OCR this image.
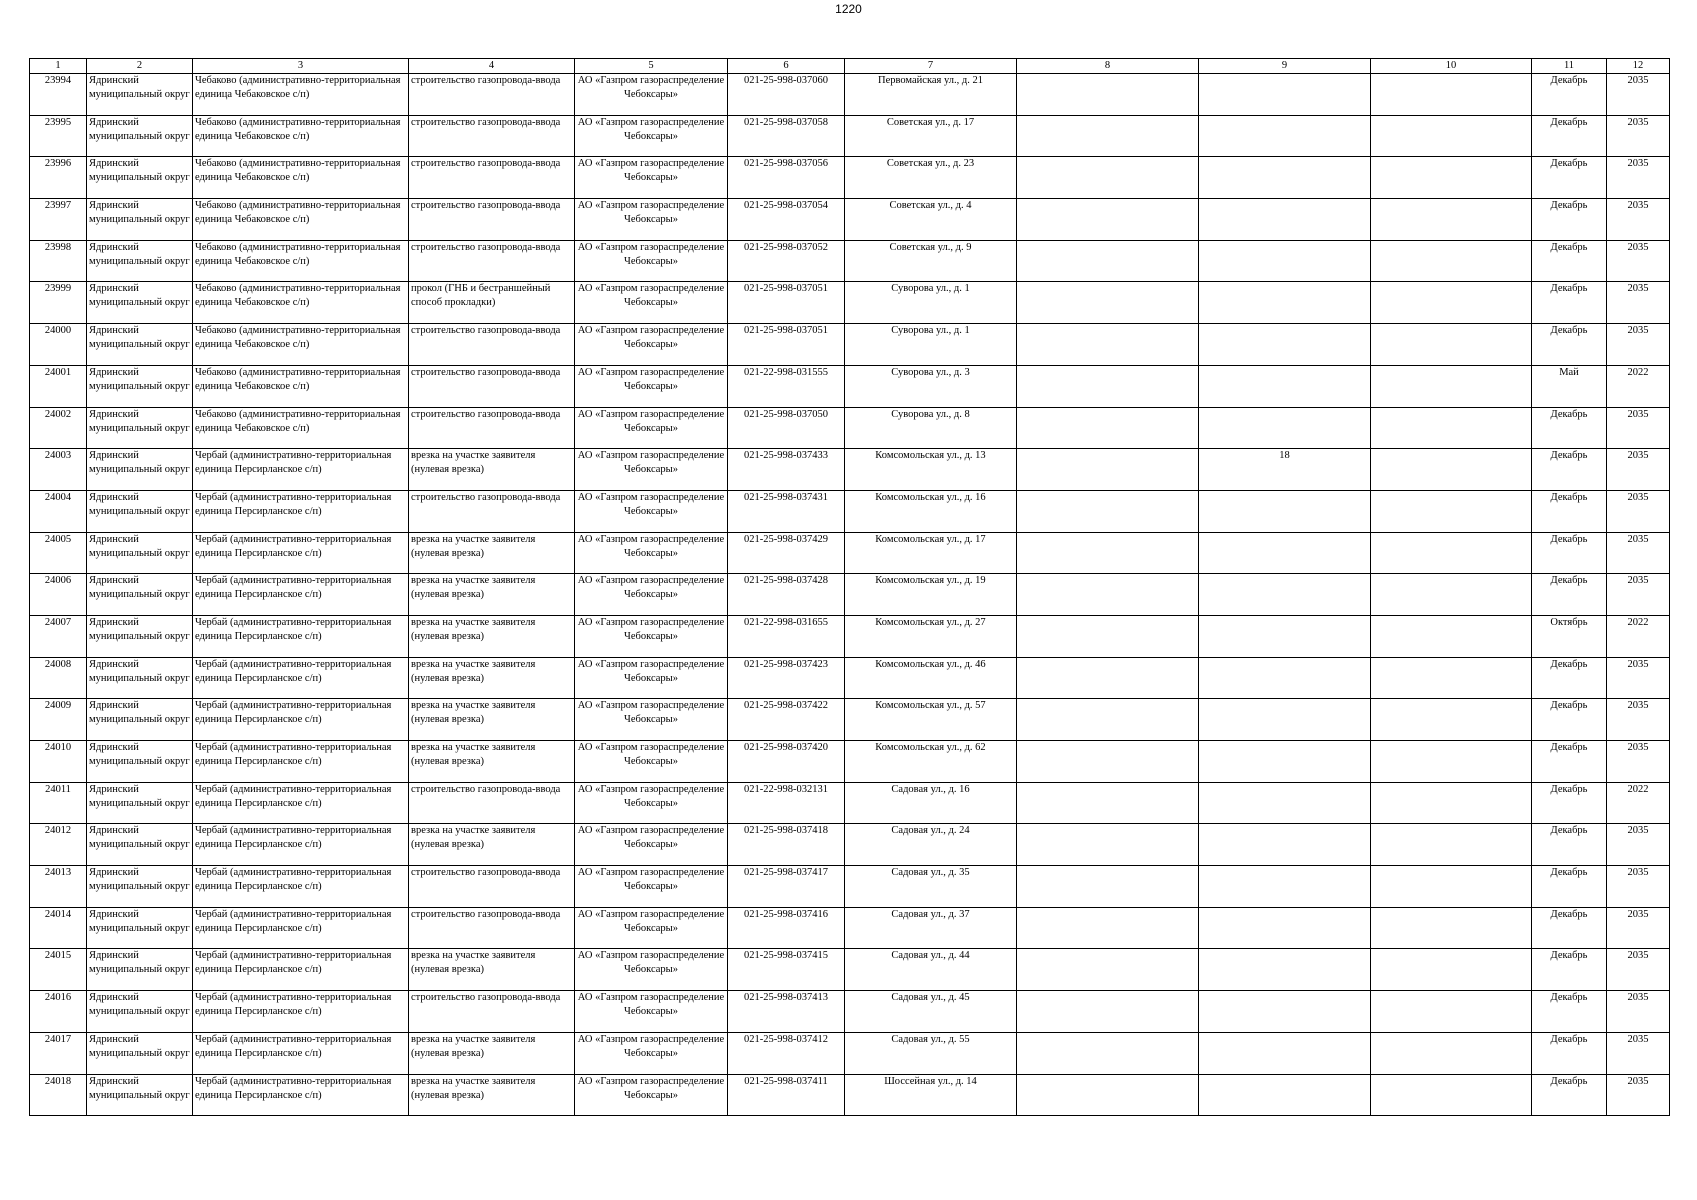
1220
1	2	3	4	5	6	7	8	9	10	11	12

23994	Ядринский муниципальный округ	Чебаково (административно-территориальная единица Чебаковское с/п)	строительство газопровода-ввода	АО «Газпром газораспределение Чебоксары»	021-25-998-037060	Первомайская ул., д. 21				Декабрь	2035

23995	Ядринский муниципальный округ	Чебаково (административно-территориальная единица Чебаковское с/п)	строительство газопровода-ввода	АО «Газпром газораспределение Чебоксары»	021-25-998-037058	Советская ул., д. 17				Декабрь	2035

23996	Ядринский муниципальный округ	Чебаково (административно-территориальная единица Чебаковское с/п)	строительство газопровода-ввода	АО «Газпром газораспределение Чебоксары»	021-25-998-037056	Советская ул., д. 23				Декабрь	2035

23997	Ядринский муниципальный округ	Чебаково (административно-территориальная единица Чебаковское с/п)	строительство газопровода-ввода	АО «Газпром газораспределение Чебоксары»	021-25-998-037054	Советская ул., д. 4				Декабрь	2035

23998	Ядринский муниципальный округ	Чебаково (административно-территориальная единица Чебаковское с/п)	строительство газопровода-ввода	АО «Газпром газораспределение Чебоксары»	021-25-998-037052	Советская ул., д. 9				Декабрь	2035

23999	Ядринский муниципальный округ	Чебаково (административно-территориальная единица Чебаковское с/п)	прокол (ГНБ и бестраншейный способ прокладки)	АО «Газпром газораспределение Чебоксары»	021-25-998-037051	Суворова ул., д. 1				Декабрь	2035

24000	Ядринский муниципальный округ	Чебаково (административно-территориальная единица Чебаковское с/п)	строительство газопровода-ввода	АО «Газпром газораспределение Чебоксары»	021-25-998-037051	Суворова ул., д. 1				Декабрь	2035

24001	Ядринский муниципальный округ	Чебаково (административно-территориальная единица Чебаковское с/п)	строительство газопровода-ввода	АО «Газпром газораспределение Чебоксары»	021-22-998-031555	Суворова ул., д. 3				Май	2022

24002	Ядринский муниципальный округ	Чебаково (административно-территориальная единица Чебаковское с/п)	строительство газопровода-ввода	АО «Газпром газораспределение Чебоксары»	021-25-998-037050	Суворова ул., д. 8				Декабрь	2035

24003	Ядринский муниципальный округ	Чербай (административно-территориальная единица Персирланское с/п)	врезка на участке заявителя (нулевая врезка)	АО «Газпром газораспределение Чебоксары»	021-25-998-037433	Комсомольская ул., д. 13		18		Декабрь	2035

24004	Ядринский муниципальный округ	Чербай (административно-территориальная единица Персирланское с/п)	строительство газопровода-ввода	АО «Газпром газораспределение Чебоксары»	021-25-998-037431	Комсомольская ул., д. 16				Декабрь	2035

24005	Ядринский муниципальный округ	Чербай (административно-территориальная единица Персирланское с/п)	врезка на участке заявителя (нулевая врезка)	АО «Газпром газораспределение Чебоксары»	021-25-998-037429	Комсомольская ул., д. 17				Декабрь	2035

24006	Ядринский муниципальный округ	Чербай (административно-территориальная единица Персирланское с/п)	врезка на участке заявителя (нулевая врезка)	АО «Газпром газораспределение Чебоксары»	021-25-998-037428	Комсомольская ул., д. 19				Декабрь	2035

24007	Ядринский муниципальный округ	Чербай (административно-территориальная единица Персирланское с/п)	врезка на участке заявителя (нулевая врезка)	АО «Газпром газораспределение Чебоксары»	021-22-998-031655	Комсомольская ул., д. 27				Октябрь	2022

24008	Ядринский муниципальный округ	Чербай (административно-территориальная единица Персирланское с/п)	врезка на участке заявителя (нулевая врезка)	АО «Газпром газораспределение Чебоксары»	021-25-998-037423	Комсомольская ул., д. 46				Декабрь	2035

24009	Ядринский муниципальный округ	Чербай (административно-территориальная единица Персирланское с/п)	врезка на участке заявителя (нулевая врезка)	АО «Газпром газораспределение Чебоксары»	021-25-998-037422	Комсомольская ул., д. 57				Декабрь	2035

24010	Ядринский муниципальный округ	Чербай (административно-территориальная единица Персирланское с/п)	врезка на участке заявителя (нулевая врезка)	АО «Газпром газораспределение Чебоксары»	021-25-998-037420	Комсомольская ул., д. 62				Декабрь	2035

24011	Ядринский муниципальный округ	Чербай (административно-территориальная единица Персирланское с/п)	строительство газопровода-ввода	АО «Газпром газораспределение Чебоксары»	021-22-998-032131	Садовая ул., д. 16				Декабрь	2022

24012	Ядринский муниципальный округ	Чербай (административно-территориальная единица Персирланское с/п)	врезка на участке заявителя (нулевая врезка)	АО «Газпром газораспределение Чебоксары»	021-25-998-037418	Садовая ул., д. 24				Декабрь	2035

24013	Ядринский муниципальный округ	Чербай (административно-территориальная единица Персирланское с/п)	строительство газопровода-ввода	АО «Газпром газораспределение Чебоксары»	021-25-998-037417	Садовая ул., д. 35				Декабрь	2035

24014	Ядринский муниципальный округ	Чербай (административно-территориальная единица Персирланское с/п)	строительство газопровода-ввода	АО «Газпром газораспределение Чебоксары»	021-25-998-037416	Садовая ул., д. 37				Декабрь	2035

24015	Ядринский муниципальный округ	Чербай (административно-территориальная единица Персирланское с/п)	врезка на участке заявителя (нулевая врезка)	АО «Газпром газораспределение Чебоксары»	021-25-998-037415	Садовая ул., д. 44				Декабрь	2035

24016	Ядринский муниципальный округ	Чербай (административно-территориальная единица Персирланское с/п)	строительство газопровода-ввода	АО «Газпром газораспределение Чебоксары»	021-25-998-037413	Садовая ул., д. 45				Декабрь	2035

24017	Ядринский муниципальный округ	Чербай (административно-территориальная единица Персирланское с/п)	врезка на участке заявителя (нулевая врезка)	АО «Газпром газораспределение Чебоксары»	021-25-998-037412	Садовая ул., д. 55				Декабрь	2035

24018	Ядринский муниципальный округ	Чербай (административно-территориальная единица Персирланское с/п)	врезка на участке заявителя (нулевая врезка)	АО «Газпром газораспределение Чебоксары»	021-25-998-037411	Шоссейная ул., д. 14				Декабрь	2035
